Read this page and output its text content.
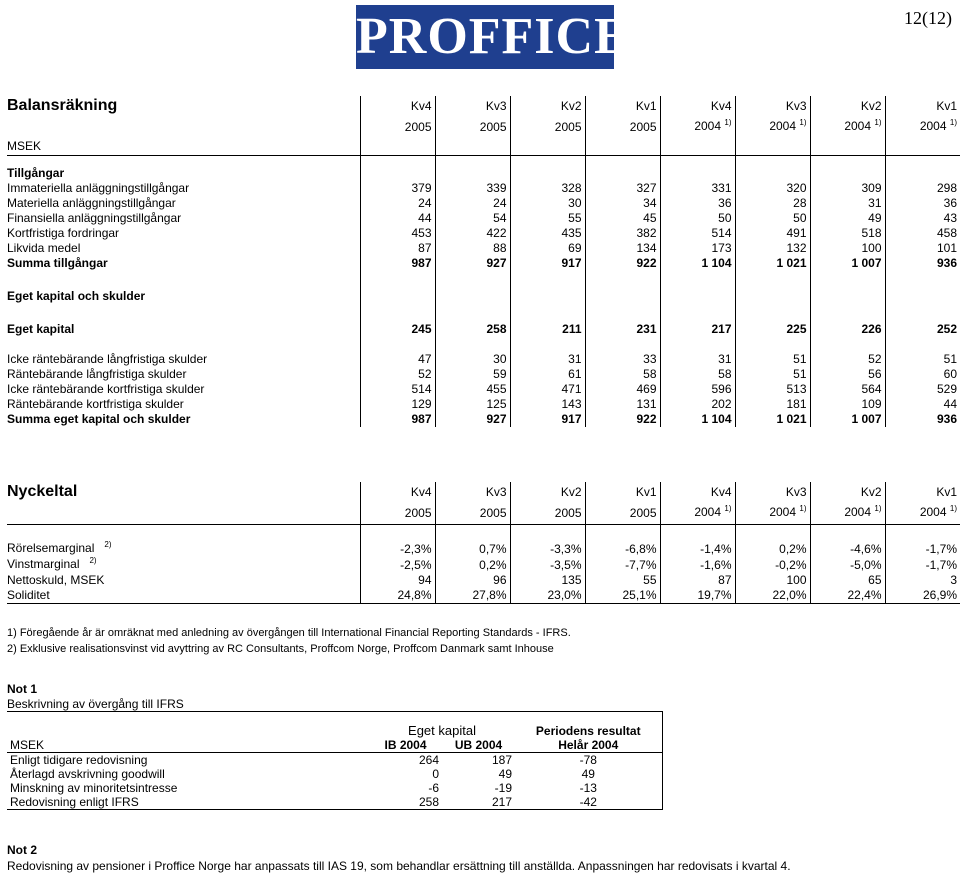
PROFFICE	12(12)
Balansräkning	Kv4	Kv3	Kv2	Kv1	Kv4	Kv3	Kv2	Kv1
	2005	2005	2005	2005	2004 $^{1)}$	2004 $^{1)}$	2004 $^{1)}$	2004 $^{1)}$
MSEK								

Tillgångar								
Immateriella anläggningstillgångar	379	339	328	327	331	320	309	298
Materiella anläggningstillgångar	24	24	30	34	36	28	31	36
Finansiella anläggningstillgångar	44	54	55	45	50	50	49	43
Kortfristiga fordringar	453	422	435	382	514	491	518	458
Likvida medel	87	88	69	134	173	132	100	101
Summa tillgångar	987	927	917	922	1 104	1 021	1 007	936

Eget kapital och skulder								

Eget kapital	245	258	211	231	217	225	226	252

Icke räntebärande långfristiga skulder	47	30	31	33	31	51	52	51
Räntebärande långfristiga skulder	52	59	61	58	58	51	56	60
Icke räntebärande kortfristiga skulder	514	455	471	469	596	513	564	529
Räntebärande kortfristiga skulder	129	125	143	131	202	181	109	44
Summa eget kapital och skulder	987	927	917	922	1 104	1 021	1 007	936
Nyckeltal	Kv4	Kv3	Kv2	Kv1	Kv4	Kv3	Kv2	Kv1
	2005	2005	2005	2005	2004 $^{1)}$	2004 $^{1)}$	2004 $^{1)}$	2004 $^{1)}$

Rörelsemarginal $^{2)}$	-2,3%	0,7%	-3,3%	-6,8%	-1,4%	0,2%	-4,6%	-1,7%
Vinstmarginal $^{2)}$	-2,5%	0,2%	-3,5%	-7,7%	-1,6%	-0,2%	-5,0%	-1,7%
Nettoskuld, MSEK	94	96	135	55	87	100	65	3
Soliditet	24,8%	27,8%	23,0%	25,1%	19,7%	22,0%	22,4%	26,9%
1) Föregående år är omräknat med anledning av övergången till International Financial Reporting Standards - IFRS.
2) Exklusive realisationsvinst vid avyttring av RC Consultants, Proffcom Norge, Proffcom Danmark samt Inhouse
Not 1
Beskrivning av övergång till IFRS
	Eget kapital		Periodens resultat
MSEK	IB 2004	UB 2004	Helår 2004
Enligt tidigare redovisning	264	187	-78
Återlagd avskrivning goodwill	0	49	49
Minskning av minoritetsintresse	-6	-19	-13
Redovisning enligt IFRS	258	217	-42
Not 2
Redovisning av pensioner i Proffice Norge har anpassats till IAS 19, som behandlar ersättning till anställda. Anpassningen har redovisats i kvartal 4.
